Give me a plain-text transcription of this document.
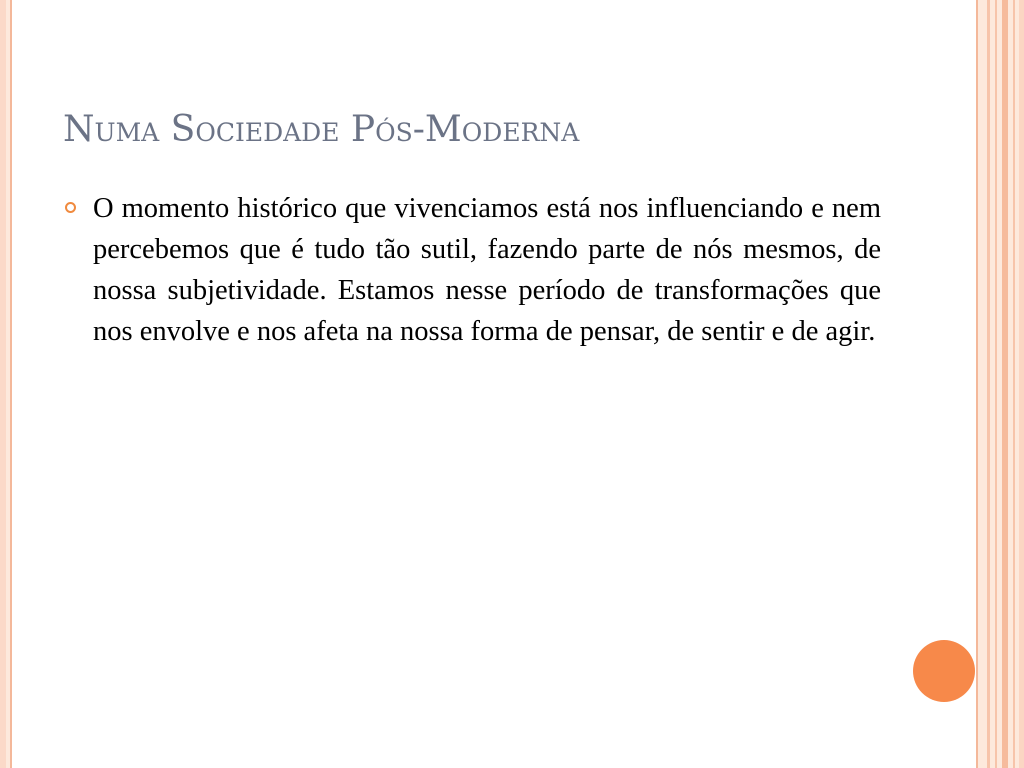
Numa Sociedade Pós-Moderna
O momento histórico que vivenciamos está nos influenciando e nem percebemos que é tudo tão sutil, fazendo parte de nós mesmos, de nossa subjetividade. Estamos nesse período de transformações que nos envolve e nos afeta na nossa forma de pensar, de sentir e de agir.
